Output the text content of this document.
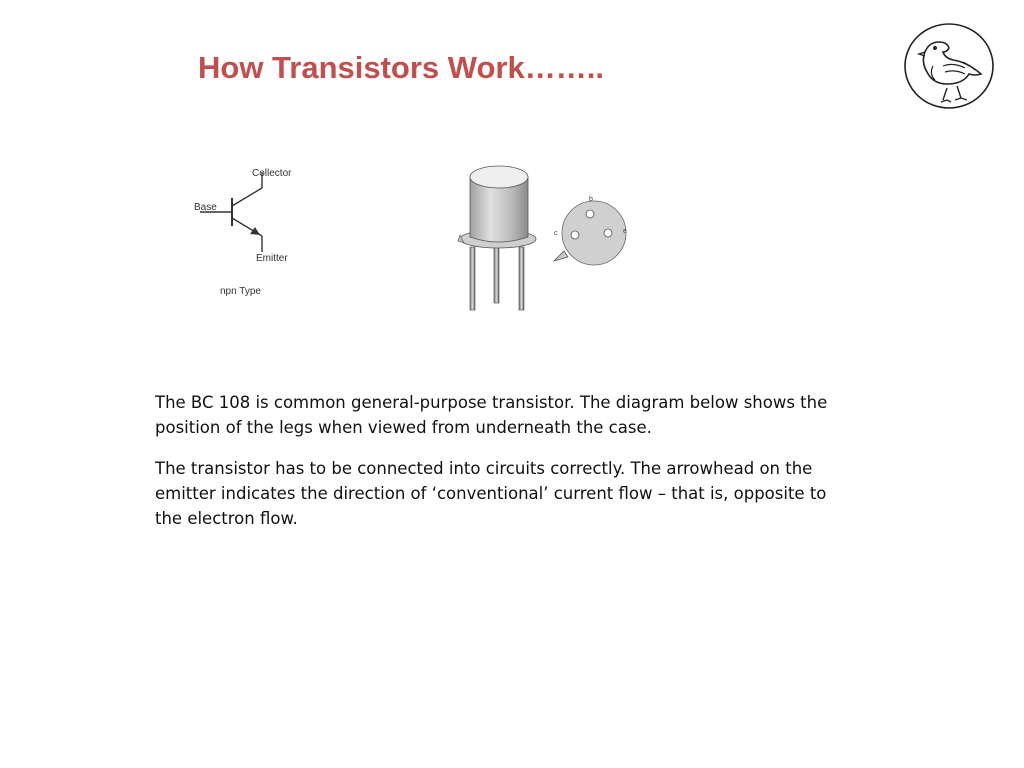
How Transistors Work……..
Collector
Base
Emitter
npn Type
b
c	e

The BC 108 is common general-purpose transistor. The diagram below shows the position of the legs when viewed from underneath the case.

The transistor has to be connected into circuits correctly. The arrowhead on the emitter indicates the direction of ‘conventional’ current flow – that is, opposite to the electron flow.
